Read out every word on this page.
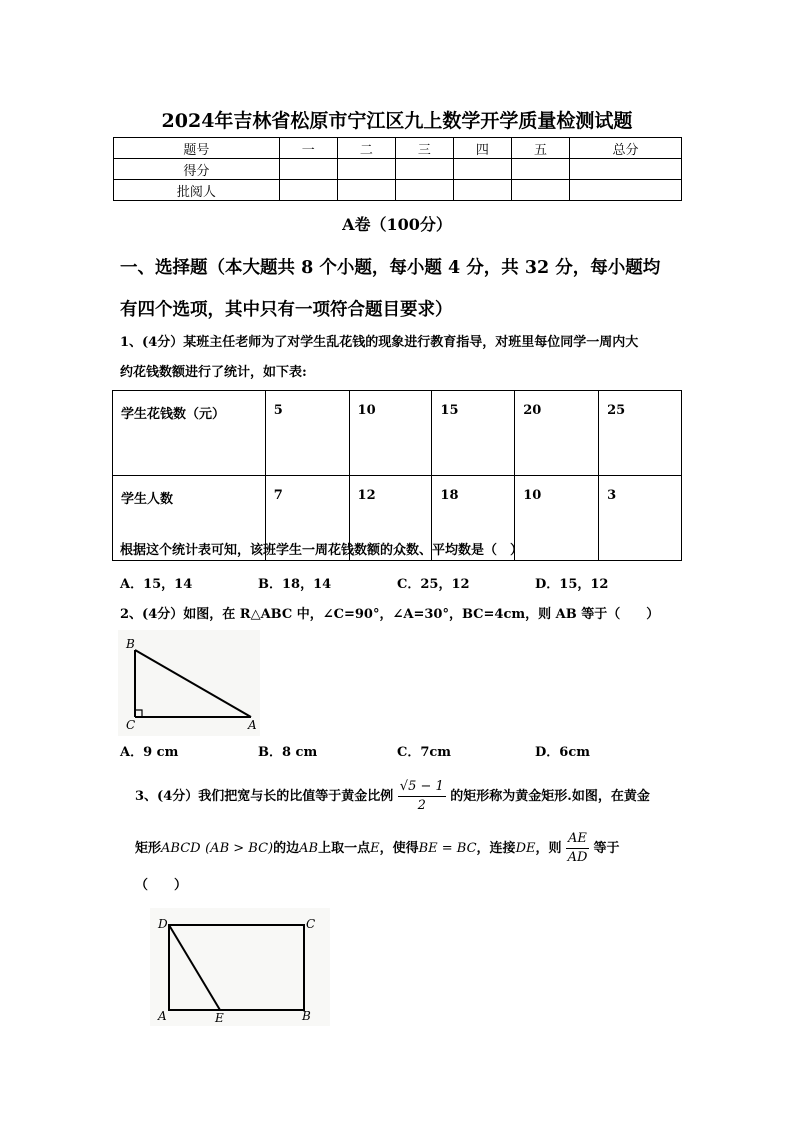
2024年吉林省松原市宁江区九上数学开学质量检测试题
题号	一	二	三	四	五	总分
得分						
批阅人						
A卷（100分）
一、选择题（本大题共 8 个小题，每小题 4 分，共 32 分，每小题均
有四个选项，其中只有一项符合题目要求）
1、(4分）某班主任老师为了对学生乱花钱的现象进行教育指导，对班里每位同学一周内大
约花钱数额进行了统计，如下表:
学生花钱数（元）	5	10	15	20	25
学生人数	7	12	18	10	3
根据这个统计表可知，该班学生一周花钱数额的众数、平均数是（　）
A．15，14	B．18，14	C．25，12	D．15，12
2、(4分）如图，在 R△ABC 中，∠C=90°，∠A=30°，BC=4cm，则 AB 等于（　　）
B
C	A
A．9 cm	B．8 cm	C．7cm	D．6cm
3、(4分）我们把宽与长的比值等于黄金比例 $\frac{√5 - 1}{2}$ 的矩形称为黄金矩形.如图，在黄金
矩形ABCD (AB > BC)的边AB上取一点E，使得BE = BC，连接DE，则 $\frac{AE}{AD}$ 等于
（　　）
D	C
A	E	B
